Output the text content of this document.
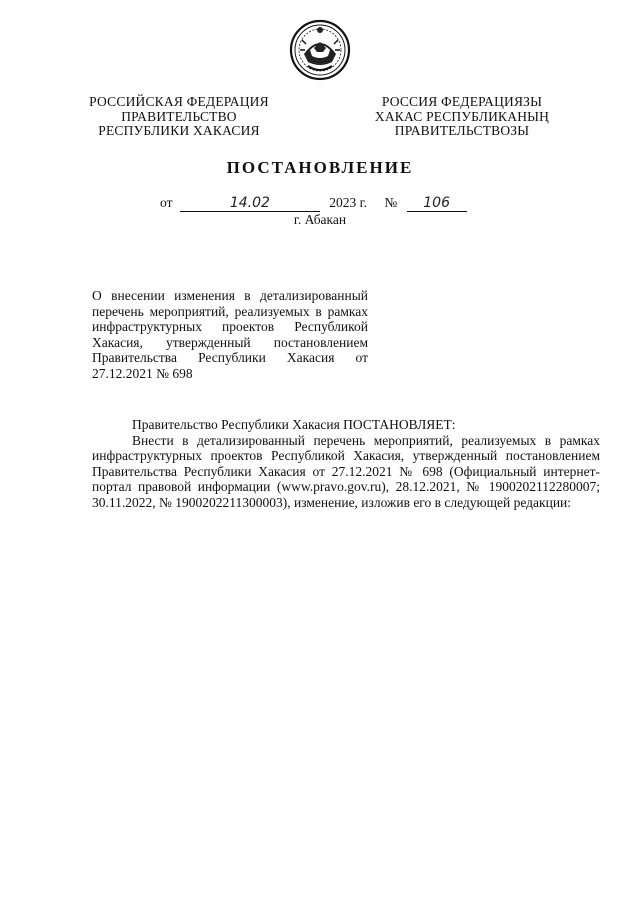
РОССИЙСКАЯ ФЕДЕРАЦИЯ
ПРАВИТЕЛЬСТВО
РЕСПУБЛИКИ ХАКАСИЯ
РОССИЯ ФЕДЕРАЦИЯЗЫ
ХАКАС РЕСПУБЛИКАНЫҢ
ПРАВИТЕЛЬСТВОЗЫ
ПОСТАНОВЛЕНИЕ
от	14.02	2023 г. № 106
г. Абакан
О внесении изменения в детализированный перечень мероприятий, реализуемых в рамках инфраструктурных проектов Республикой Хакасия, утвержденный постановлением Правительства Республики Хакасия от 27.12.2021 № 698

Правительство Республики Хакасия ПОСТАНОВЛЯЕТ:

Внести в детализированный перечень мероприятий, реализуемых в рамках инфраструктурных проектов Республикой Хакасия, утвержденный постановлением Правительства Республики Хакасия от 27.12.2021 № 698 (Официальный интернет-портал правовой информации (www.pravo.gov.ru), 28.12.2021, № 1900202112280007; 30.11.2022, № 1900202211300003), изменение, изложив его в следующей редакции:
